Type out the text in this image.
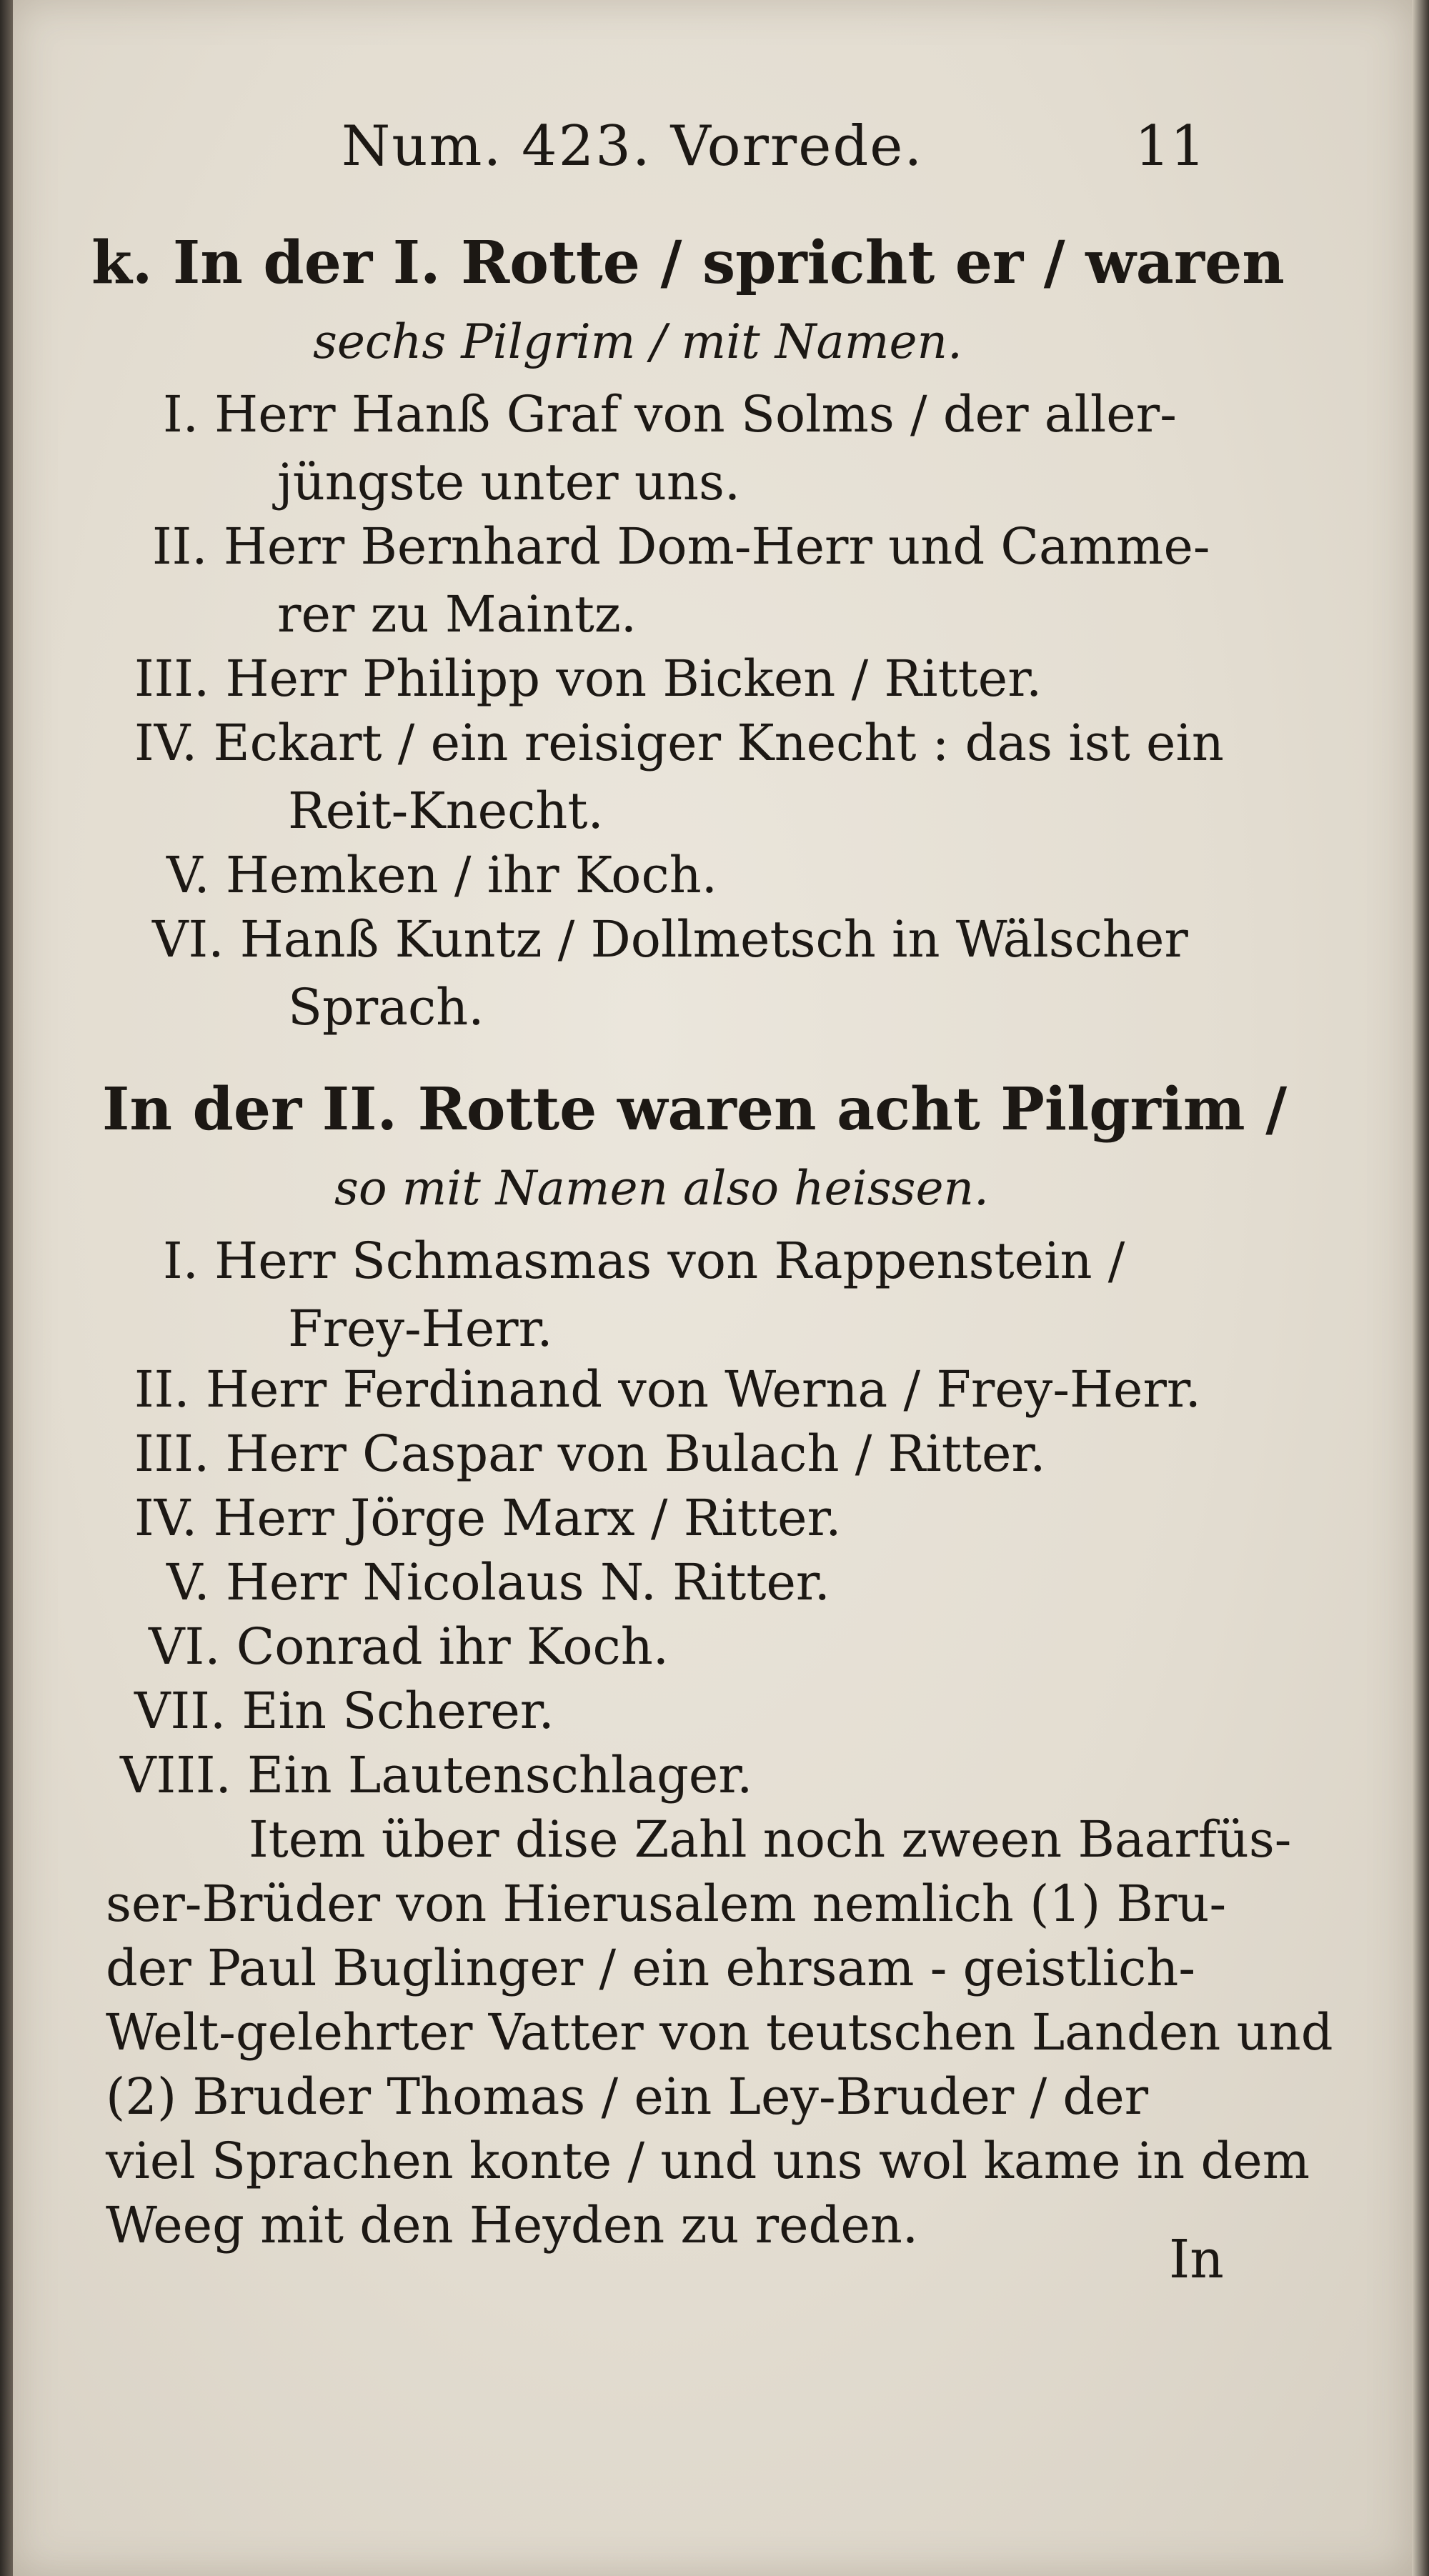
Num. 423. Vorrede.	11
k. In der I. Rotte / spricht er / waren
sechs Pilgrim / mit Namen.
I. Herr Hanß Graf von Solms / der aller-
jüngste unter uns.
II. Herr Bernhard Dom-Herr und Camme-
rer zu Maintz.
III. Herr Philipp von Bicken / Ritter.
IV. Eckart / ein reisiger Knecht : das ist ein
Reit-Knecht.
V. Hemken / ihr Koch.
VI. Hanß Kuntz / Dollmetsch in Wälscher
Sprach.
In der II. Rotte waren acht Pilgrim /
so mit Namen also heissen.
I. Herr Schmasmas von Rappenstein /
Frey-Herr.
II. Herr Ferdinand von Werna / Frey-Herr.
III. Herr Caspar von Bulach / Ritter.
IV. Herr Jörge Marx / Ritter.
V. Herr Nicolaus N. Ritter.
VI. Conrad ihr Koch.
VII. Ein Scherer.
VIII. Ein Lautenschlager.
Item über dise Zahl noch zween Baarfüs-
ser-Brüder von Hierusalem nemlich (1) Bru-
der Paul Buglinger / ein ehrsam - geistlich-
Welt-gelehrter Vatter von teutschen Landen und
(2) Bruder Thomas / ein Ley-Bruder / der
viel Sprachen konte / und uns wol kame in dem
Weeg mit den Heyden zu reden.
In
